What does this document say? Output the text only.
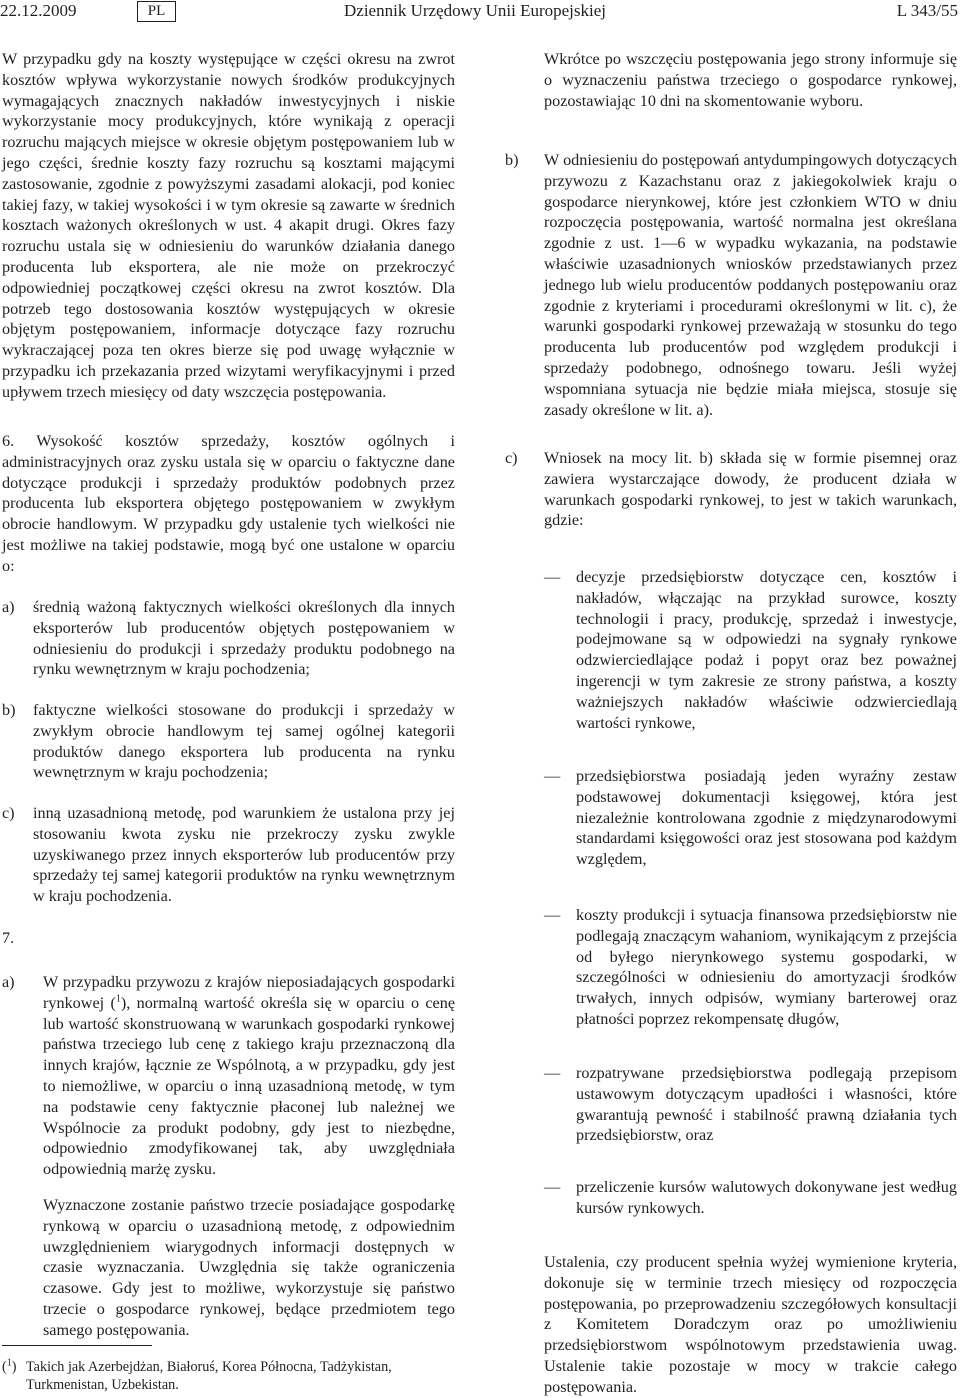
22.12.2009	PL	Dziennik Urzędowy Unii Europejskiej	L 343/55

W przypadku gdy na koszty występujące w części okresu na zwrot kosztów wpływa wykorzystanie nowych środków produkcyjnych wymagających znacznych nakładów inwestycyjnych i niskie wykorzystanie mocy produkcyjnych, które wynikają z operacji rozruchu mających miejsce w okresie objętym postępowaniem lub w jego części, średnie koszty fazy rozruchu są kosztami mającymi zastosowanie, zgodnie z powyższymi zasadami alokacji, pod koniec takiej fazy, w takiej wysokości i w tym okresie są zawarte w średnich kosztach ważonych określonych w ust. 4 akapit drugi. Okres fazy rozruchu ustala się w odniesieniu do warunków działania danego producenta lub eksportera, ale nie może on przekroczyć odpowiedniej początkowej części okresu na zwrot kosztów. Dla potrzeb tego dostosowania kosztów występujących w okresie objętym postępowaniem, informacje dotyczące fazy rozruchu wykraczającej poza ten okres bierze się pod uwagę wyłącznie w przypadku ich przekazania przed wizytami weryfikacyjnymi i przed upływem trzech miesięcy od daty wszczęcia postępowania.

6. Wysokość kosztów sprzedaży, kosztów ogólnych i administracyjnych oraz zysku ustala się w oparciu o faktyczne dane dotyczące produkcji i sprzedaży produktów podobnych przez producenta lub eksportera objętego postępowaniem w zwykłym obrocie handlowym. W przypadku gdy ustalenie tych wielkości nie jest możliwe na takiej podstawie, mogą być one ustalone w oparciu o:

a) średnią ważoną faktycznych wielkości określonych dla innych eksporterów lub producentów objętych postępowaniem w odniesieniu do produkcji i sprzedaży produktu podobnego na rynku wewnętrznym w kraju pochodzenia;

b) faktyczne wielkości stosowane do produkcji i sprzedaży w zwykłym obrocie handlowym tej samej ogólnej kategorii produktów danego eksportera lub producenta na rynku wewnętrznym w kraju pochodzenia;

c) inną uzasadnioną metodę, pod warunkiem że ustalona przy jej stosowaniu kwota zysku nie przekroczy zysku zwykle uzyskiwanego przez innych eksporterów lub producentów przy sprzedaży tej samej kategorii produktów na rynku wewnętrznym w kraju pochodzenia.

7.
a) W przypadku przywozu z krajów nieposiadających gospodarki rynkowej ($^1$), normalną wartość określa się w oparciu o cenę lub wartość skonstruowaną w warunkach gospodarki rynkowej państwa trzeciego lub cenę z takiego kraju przeznaczoną dla innych krajów, łącznie ze Wspólnotą, a w przypadku, gdy jest to niemożliwe, w oparciu o inną uzasadnioną metodę, w tym na podstawie ceny faktycznie płaconej lub należnej we Wspólnocie za produkt podobny, gdy jest to niezbędne, odpowiednio zmodyfikowanej tak, aby uwzględniała odpowiednią marżę zysku.

Wyznaczone zostanie państwo trzecie posiadające gospodarkę rynkową w oparciu o uzasadnioną metodę, z odpowiednim uwzględnieniem wiarygodnych informacji dostępnych w czasie wyznaczania. Uwzględnia się także ograniczenia czasowe. Gdy jest to możliwe, wykorzystuje się państwo trzecie o gospodarce rynkowej, będące przedmiotem tego samego postępowania.

($^1$) Takich jak Azerbejdżan, Białoruś, Korea Północna, Tadżykistan, Turkmenistan, Uzbekistan.

Wkrótce po wszczęciu postępowania jego strony informuje się o wyznaczeniu państwa trzeciego o gospodarce rynkowej, pozostawiając 10 dni na skomentowanie wyboru.

b) W odniesieniu do postępowań antydumpingowych dotyczących przywozu z Kazachstanu oraz z jakiegokolwiek kraju o gospodarce nierynkowej, które jest członkiem WTO w dniu rozpoczęcia postępowania, wartość normalna jest określana zgodnie z ust. 1—6 w wypadku wykazania, na podstawie właściwie uzasadnionych wniosków przedstawianych przez jednego lub wielu producentów poddanych postępowaniu oraz zgodnie z kryteriami i procedurami określonymi w lit. c), że warunki gospodarki rynkowej przeważają w stosunku do tego producenta lub producentów pod względem produkcji i sprzedaży podobnego, odnośnego towaru. Jeśli wyżej wspomniana sytuacja nie będzie miała miejsca, stosuje się zasady określone w lit. a).

c) Wniosek na mocy lit. b) składa się w formie pisemnej oraz zawiera wystarczające dowody, że producent działa w warunkach gospodarki rynkowej, to jest w takich warunkach, gdzie:

— decyzje przedsiębiorstw dotyczące cen, kosztów i nakładów, włączając na przykład surowce, koszty technologii i pracy, produkcję, sprzedaż i inwestycje, podejmowane są w odpowiedzi na sygnały rynkowe odzwierciedlające podaż i popyt oraz bez poważnej ingerencji w tym zakresie ze strony państwa, a koszty ważniejszych nakładów właściwie odzwierciedlają wartości rynkowe,

— przedsiębiorstwa posiadają jeden wyraźny zestaw podstawowej dokumentacji księgowej, która jest niezależnie kontrolowana zgodnie z międzynarodowymi standardami księgowości oraz jest stosowana pod każdym względem,

— koszty produkcji i sytuacja finansowa przedsiębiorstw nie podlegają znaczącym wahaniom, wynikającym z przejścia od byłego nierynkowego systemu gospodarki, w szczególności w odniesieniu do amortyzacji środków trwałych, innych odpisów, wymiany barterowej oraz płatności poprzez rekompensatę długów,

— rozpatrywane przedsiębiorstwa podlegają przepisom ustawowym dotyczącym upadłości i własności, które gwarantują pewność i stabilność prawną działania tych przedsiębiorstw, oraz

— przeliczenie kursów walutowych dokonywane jest według kursów rynkowych.

Ustalenia, czy producent spełnia wyżej wymienione kryteria, dokonuje się w terminie trzech miesięcy od rozpoczęcia postępowania, po przeprowadzeniu szczegółowych konsultacji z Komitetem Doradczym oraz po umożliwieniu przedsiębiorstwom wspólnotowym przedstawienia uwag. Ustalenie takie pozostaje w mocy w trakcie całego postępowania.
